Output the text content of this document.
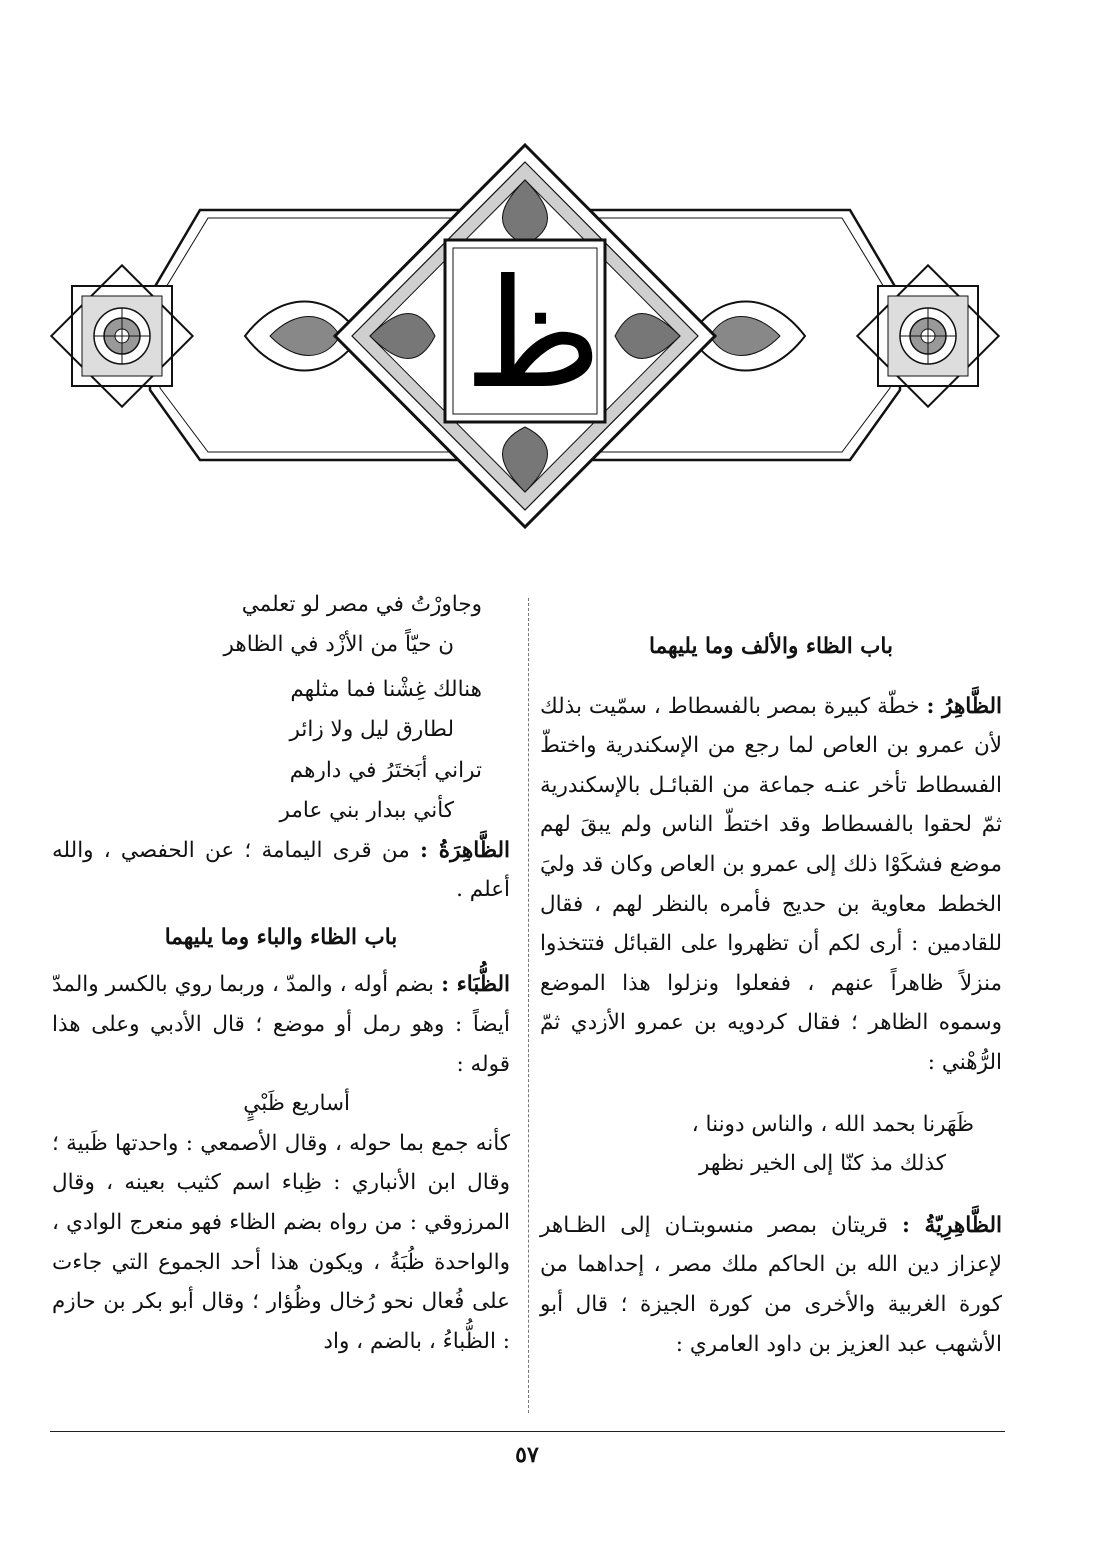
ظ
باب الظاء والألف وما يليهما

الظَّاهِرُ : خطّة كبيرة بمصر بالفسطاط ، سمّيت بذلك لأن عمرو بن العاص لما رجع من الإسكندرية واختطّ الفسطاط تأخر عنـه جماعة من القبائـل بالإسكندرية ثمّ لحقوا بالفسطاط وقد اختطّ الناس ولم يبقَ لهم موضع فشكَوْا ذلك إلى عمرو بن العاص وكان قد وليَ الخطط معاوية بن حديج فأمره بالنظر لهم ، فقال للقادمين : أرى لكم أن تظهروا على القبائل فتتخذوا منزلاً ظاهراً عنهم ، ففعلوا ونزلوا هذا الموضع وسموه الظاهر ؛ فقال كردويه بن عمرو الأزدي ثمّ الرُّهْني :

ظَهَرنا بحمد الله ، والناس دوننا ،
كذلك مذ كنّا إلى الخير نظهر

الظَّاهِرِيّةُ : قريتان بمصر منسوبتـان إلى الظـاهر لإعزاز دين الله بن الحاكم ملك مصر ، إحداهما من كورة الغربية والأخرى من كورة الجيزة ؛ قال أبو الأشهب عبد العزيز بن داود العامري :

وجاورْتُ في مصر لو تعلمي
ن حيّاً من الأزْد في الظاهر
هنالك غِشْنا فما مثلهم
لطارق ليل ولا زائر
تراني أبَختَرُ في دارهم
كأني ببدار بني عامر

الظَّاهِرَةُ : من قرى اليمامة ؛ عن الحفصي ، والله أعلم .

باب الظاء والباء وما يليهما

الظُّبَاء : بضم أوله ، والمدّ ، وربما روي بالكسر والمدّ أيضاً : وهو رمل أو موضع ؛ قال الأدبي وعلى هذا قوله :

أساريع ظَبْيٍ

كأنه جمع بما حوله ، وقال الأصمعي : واحدتها ظَبية ؛ وقال ابن الأنباري : ظِباء اسم كثيب بعينه ، وقال المرزوقي : من رواه بضم الظاء فهو منعرج الوادي ، والواحدة ظُبَةُ ، ويكون هذا أحد الجموع التي جاءت على فُعال نحو رُخال وظُؤار ؛ وقال أبو بكر بن حازم : الظُّباءُ ، بالضم ، واد

٥٧
